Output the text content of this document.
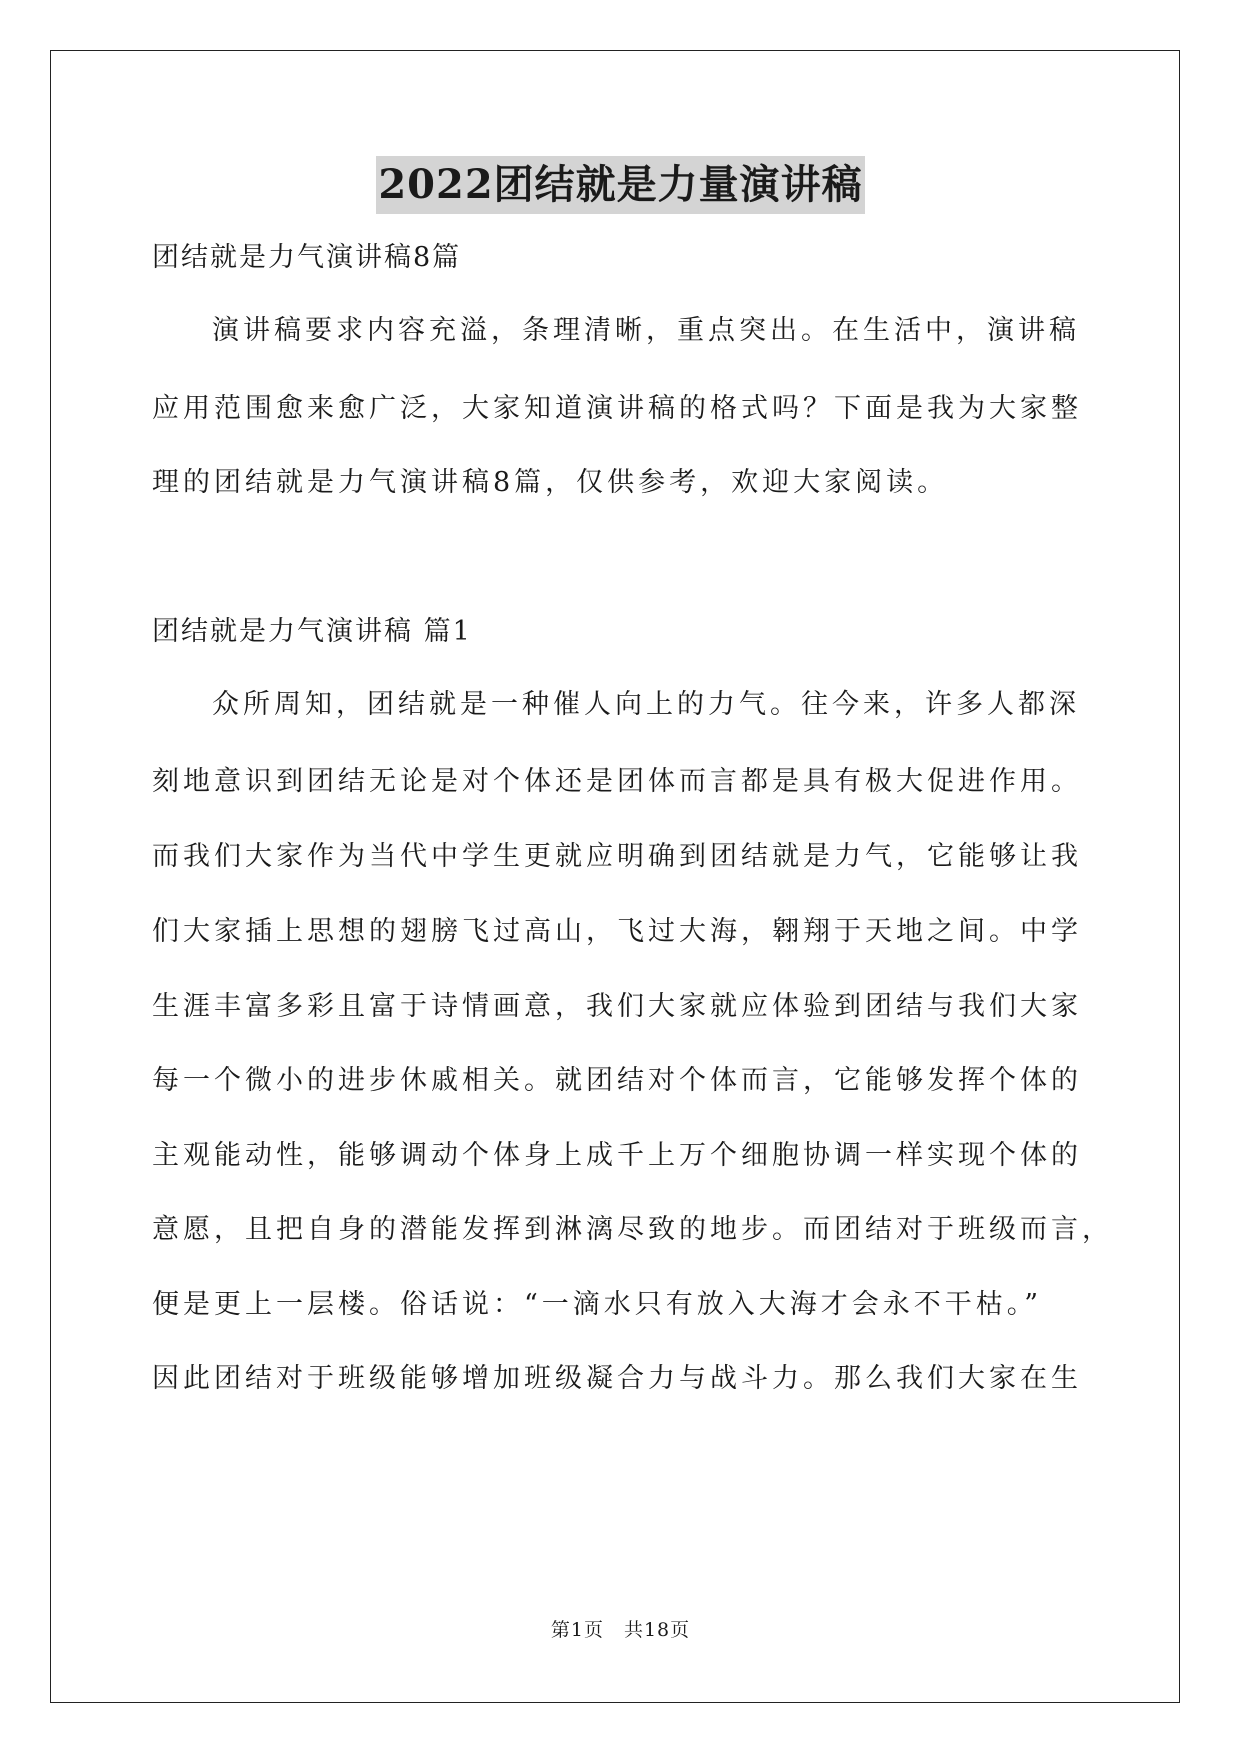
2022团结就是力量演讲稿
团结就是力气演讲稿8篇
演讲稿要求内容充溢，条理清晰，重点突出。在生活中，演讲稿
应用范围愈来愈广泛，大家知道演讲稿的格式吗？下面是我为大家整
理的团结就是力气演讲稿8篇，仅供参考，欢迎大家阅读。
团结就是力气演讲稿 篇1
众所周知，团结就是一种催人向上的力气。往今来，许多人都深
刻地意识到团结无论是对个体还是团体而言都是具有极大促进作用。
而我们大家作为当代中学生更就应明确到团结就是力气，它能够让我
们大家插上思想的翅膀飞过高山，飞过大海，翱翔于天地之间。中学
生涯丰富多彩且富于诗情画意，我们大家就应体验到团结与我们大家
每一个微小的进步休戚相关。就团结对个体而言，它能够发挥个体的
主观能动性，能够调动个体身上成千上万个细胞协调一样实现个体的
意愿，且把自身的潜能发挥到淋漓尽致的地步。而团结对于班级而言，
便是更上一层楼。俗话说：“一滴水只有放入大海才会永不干枯。”
因此团结对于班级能够增加班级凝合力与战斗力。那么我们大家在生
第1页　共18页
